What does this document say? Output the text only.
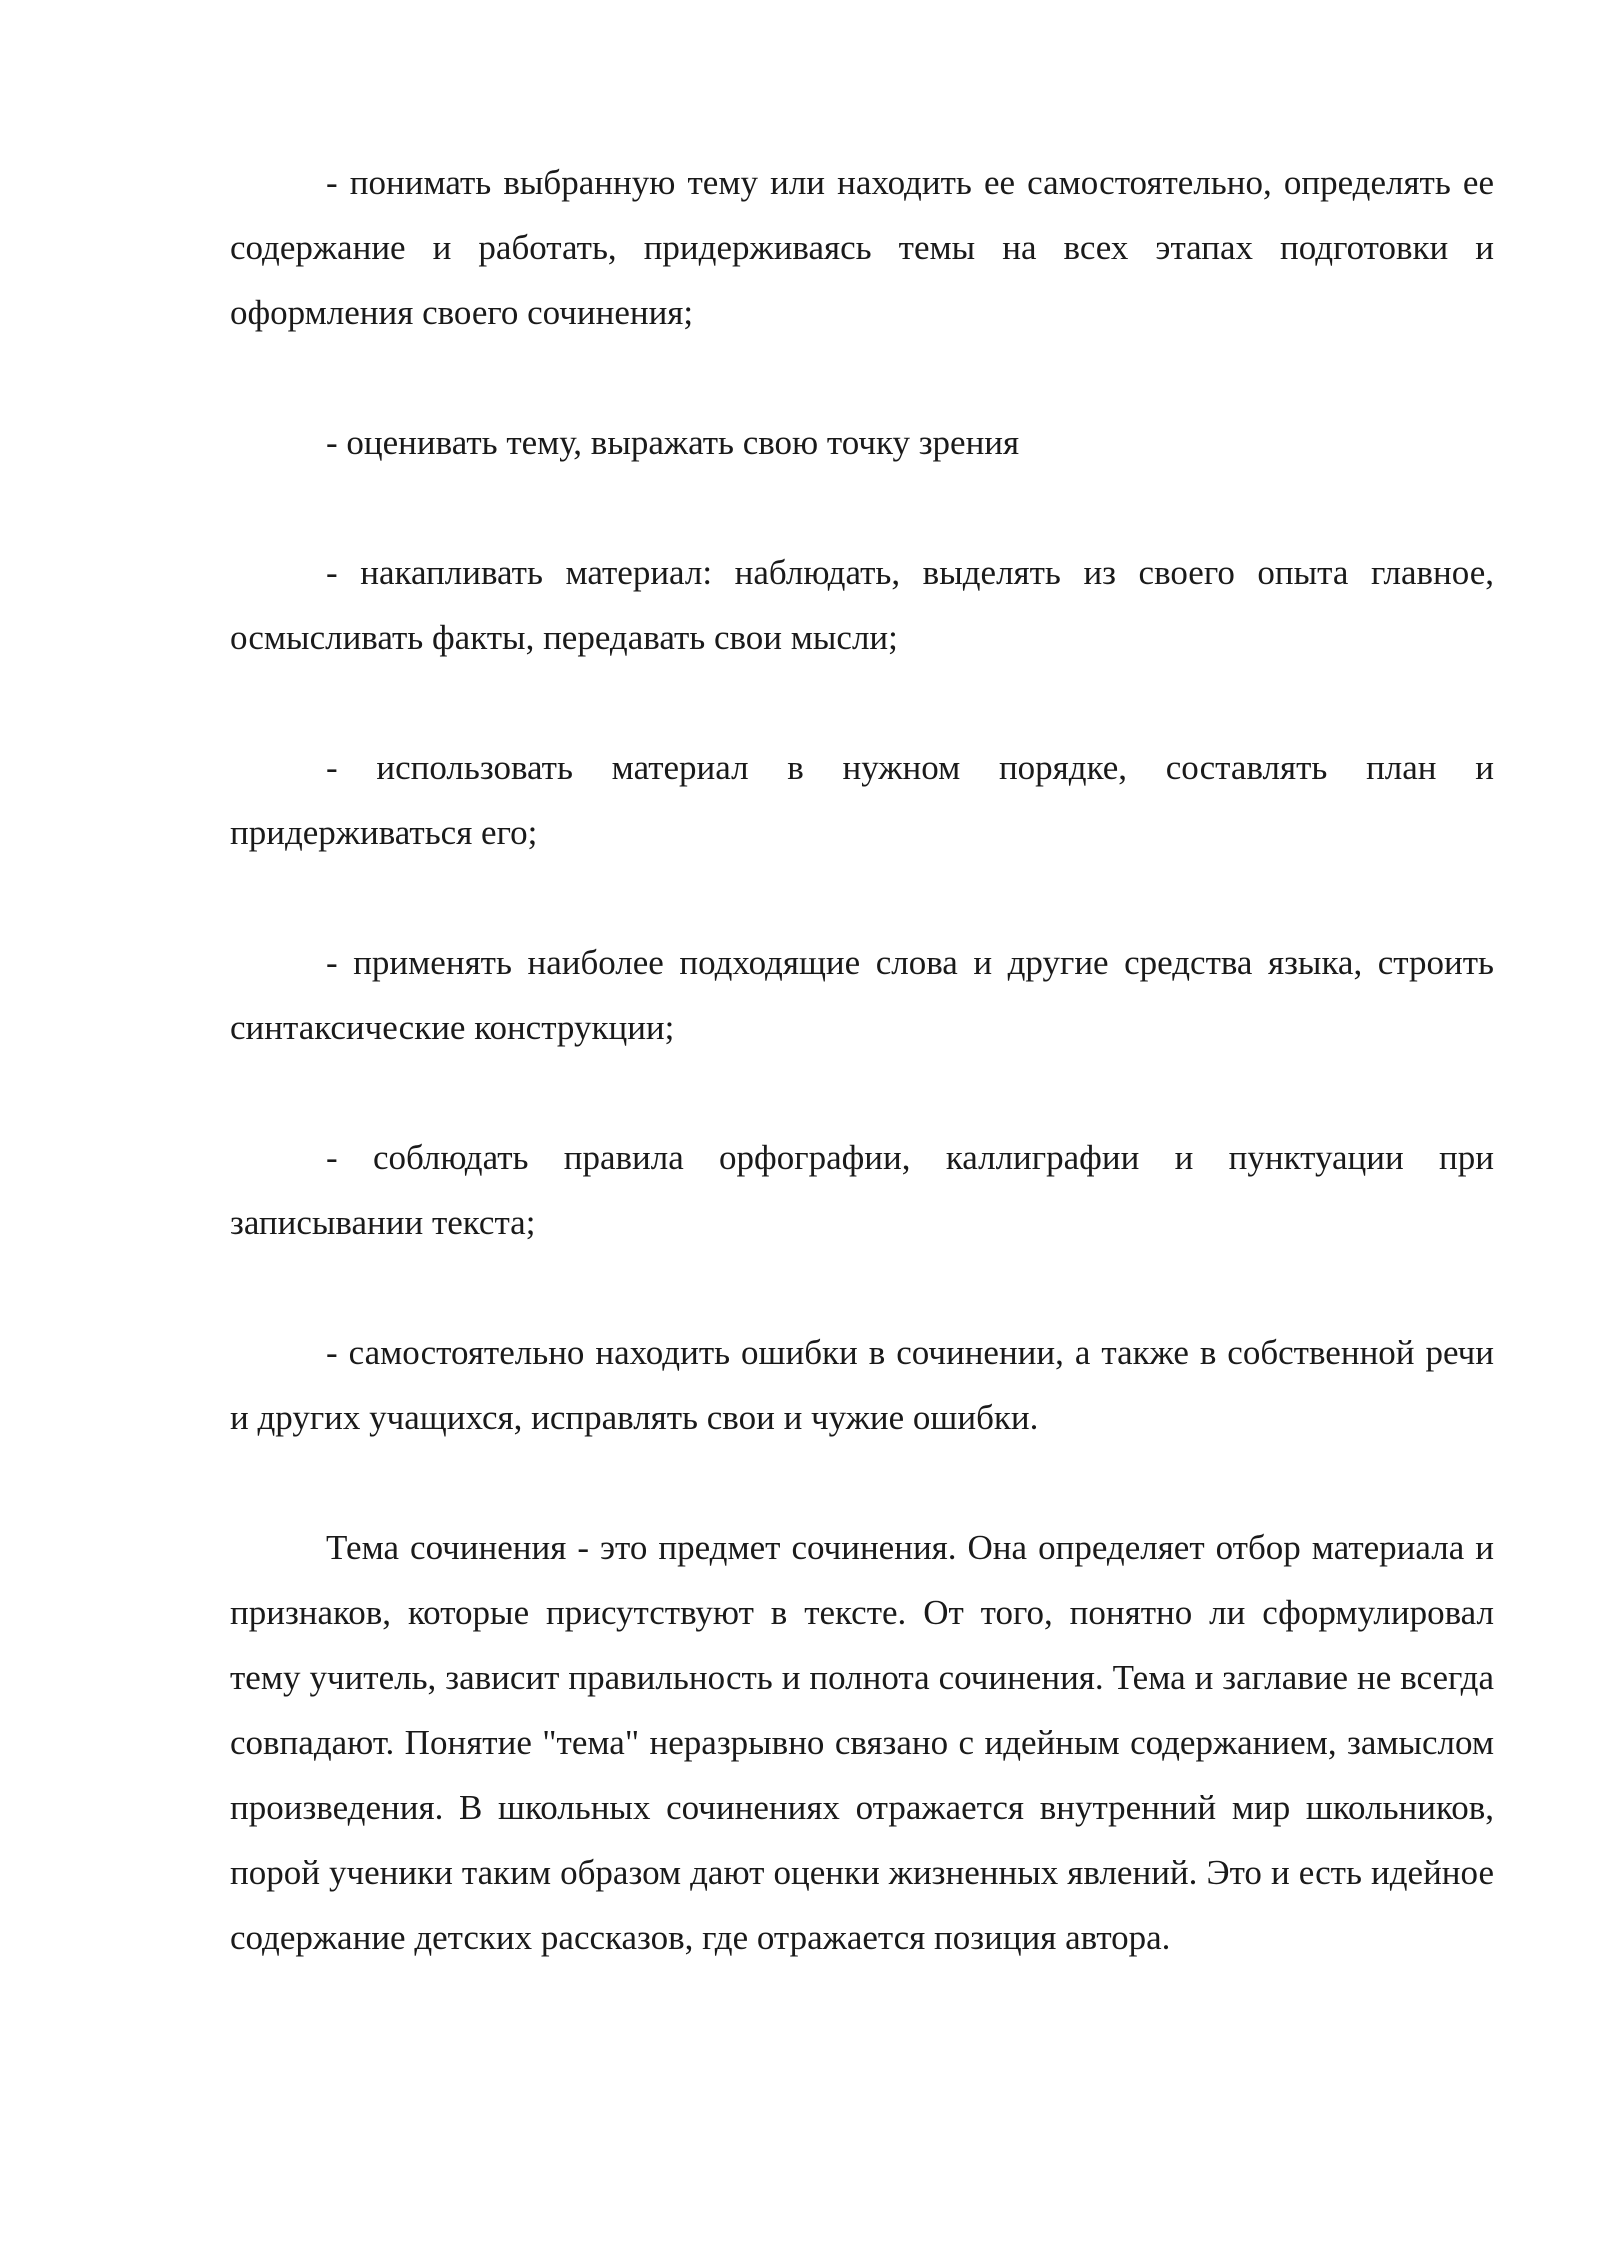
- понимать выбранную тему или находить ее самостоятельно, определять ее содержание и работать, придерживаясь темы на всех этапах подготовки и оформления своего сочинения;

- оценивать тему, выражать свою точку зрения

- накапливать материал: наблюдать, выделять из своего опыта главное, осмысливать факты, передавать свои мысли;

- использовать материал в нужном порядке, составлять план и придерживаться его;

- применять наиболее подходящие слова и другие средства языка, строить синтаксические конструкции;

- соблюдать правила орфографии, каллиграфии и пунктуации при записывании текста;

- самостоятельно находить ошибки в сочинении, а также в собственной речи и других учащихся, исправлять свои и чужие ошибки.

Тема сочинения - это предмет сочинения. Она определяет отбор материала и признаков, которые присутствуют в тексте. От того, понятно ли сформулировал тему учитель, зависит правильность и полнота сочинения. Тема и заглавие не всегда совпадают. Понятие "тема" неразрывно связано с идейным содержанием, замыслом произведения. В школьных сочинениях отражается внутренний мир школьников, порой ученики таким образом дают оценки жизненных явлений. Это и есть идейное содержание детских рассказов, где отражается позиция автора.
